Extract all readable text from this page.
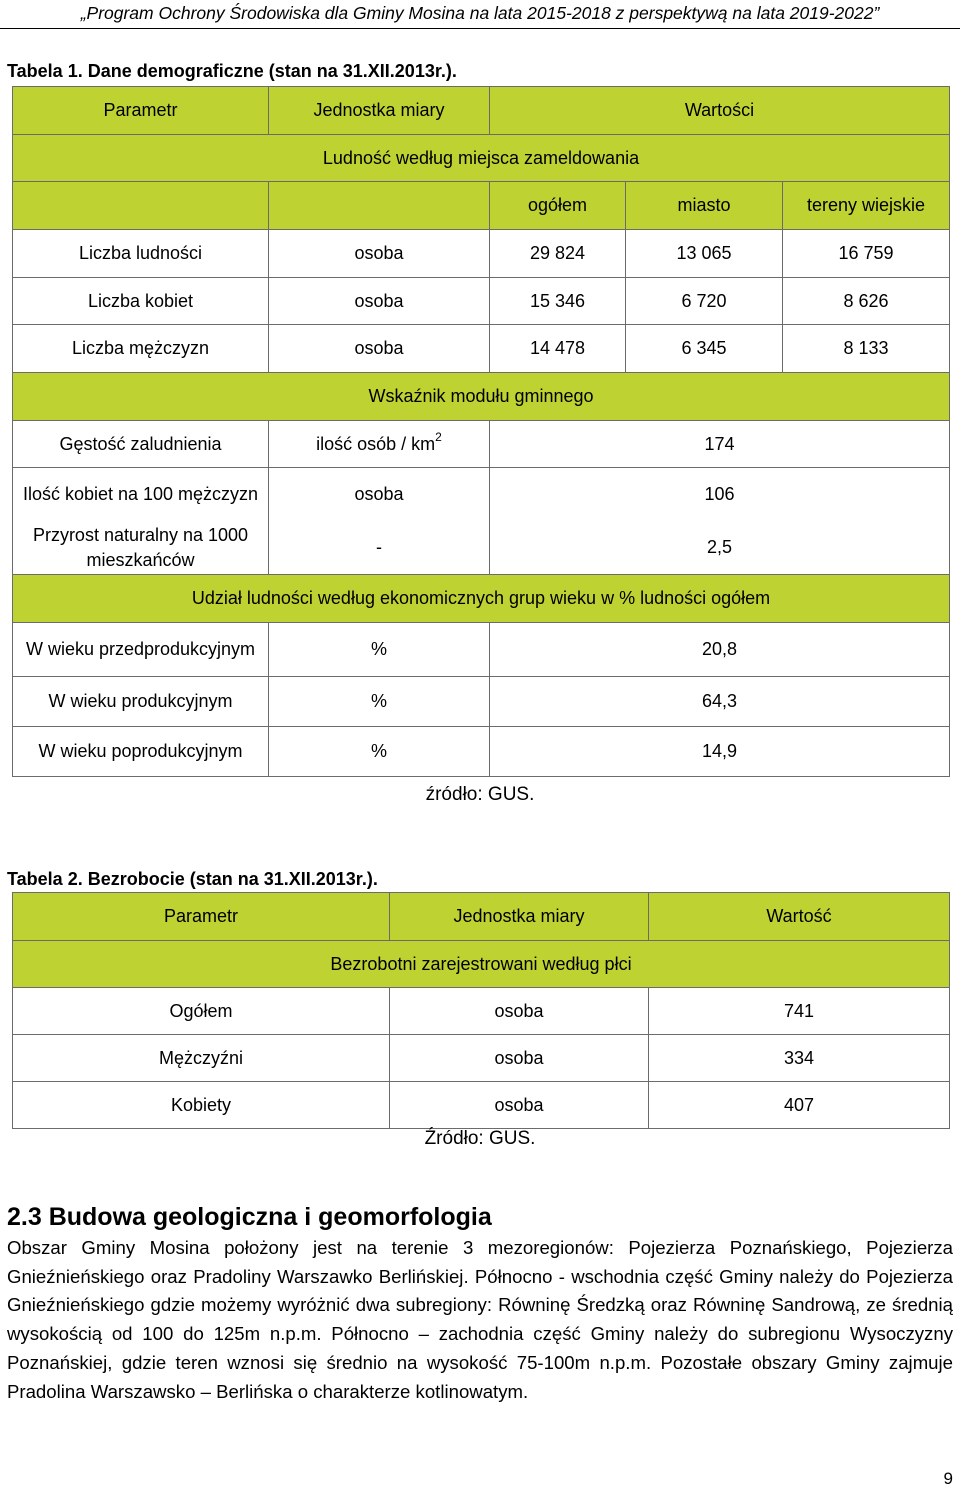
„Program Ochrony Środowiska dla Gminy Mosina na lata 2015-2018 z perspektywą na lata 2019-2022”
Tabela 1. Dane demograficzne (stan na 31.XII.2013r.).
Parametr	Jednostka miary	Wartości		
Ludność według miejsca zameldowania				
		ogółem	miasto	tereny wiejskie
Liczba ludności	osoba	29 824	13 065	16 759
Liczba kobiet	osoba	15 346	6 720	8 626
Liczba mężczyzn	osoba	14 478	6 345	8 133
Wskaźnik modułu gminnego				
Gęstość zaludnienia	ilość osób / $km^2$	174		
Ilość kobiet na 100 mężczyzn	osoba	106		
Przyrost naturalny na 1000 mieszkańców	-	2,5		
Udział ludności według ekonomicznych grup wieku w % ludności ogółem				
W wieku przedprodukcyjnym	%	20,8		
W wieku produkcyjnym	%	64,3		
W wieku poprodukcyjnym	%	14,9		
źródło: GUS.
Tabela 2. Bezrobocie (stan na 31.XII.2013r.).
Parametr	Jednostka miary	Wartość
Bezrobotni zarejestrowani według płci		
Ogółem	osoba	741
Mężczyźni	osoba	334
Kobiety	osoba	407
Źródło: GUS.
2.3 Budowa geologiczna i geomorfologia
Obszar Gminy Mosina położony jest na terenie 3 mezoregionów: Pojezierza Poznańskiego, Pojezierza Gnieźnieńskiego oraz Pradoliny Warszawko Berlińskiej. Północno - wschodnia część Gminy należy do Pojezierza Gnieźnieńskiego gdzie możemy wyróżnić dwa subregiony: Równinę Średzką oraz Równinę Sandrową, ze średnią wysokością od 100 do 125m n.p.m. Północno – zachodnia część Gminy należy do subregionu Wysoczyzny Poznańskiej, gdzie teren wznosi się średnio na wysokość 75-100m n.p.m. Pozostałe obszary Gminy zajmuje Pradolina Warszawsko – Berlińska o charakterze kotlinowatym.
9
